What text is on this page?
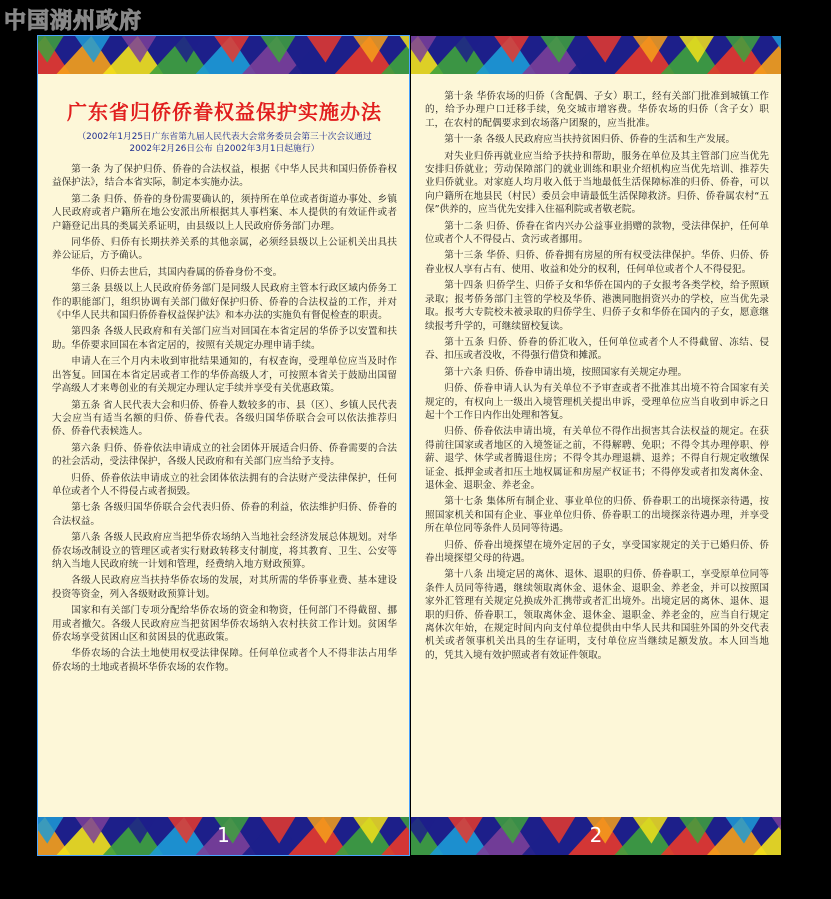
中国湖州政府
广东省归侨侨眷权益保护实施办法
（2002年1月25日广东省第九届人民代表大会常务委员会第三十次会议通过
2002年2月26日公布 自2002年3月1日起施行）

第一条 为了保护归侨、侨眷的合法权益，根据《中华人民共和国归侨侨眷权益保护法》，结合本省实际，制定本实施办法。

第二条 归侨、侨眷的身份需要确认的，须持所在单位或者街道办事处、乡镇人民政府或者户籍所在地公安派出所根据其人事档案、本人提供的有效证件或者户籍登记出具的类属关系证明，由县级以上人民政府侨务部门办理。

同华侨、归侨有长期扶养关系的其他亲属，必须经县级以上公证机关出具扶养公证后，方予确认。

华侨、归侨去世后，其国内眷属的侨眷身份不变。

第三条 县级以上人民政府侨务部门是同级人民政府主管本行政区域内侨务工作的职能部门，组织协调有关部门做好保护归侨、侨眷的合法权益的工作，并对《中华人民共和国归侨侨眷权益保护法》和本办法的实施负有督促检查的职责。

第四条 各级人民政府和有关部门应当对回国在本省定居的华侨予以安置和扶助。华侨要求回国在本省定居的，按照有关规定办理申请手续。

申请人在三个月内未收到审批结果通知的，有权查询，受理单位应当及时作出答复。回国在本省定居或者工作的华侨高级人才，可按照本省关于鼓励出国留学高级人才来粤创业的有关规定办理认定手续并享受有关优惠政策。

第五条 省人民代表大会和归侨、侨眷人数较多的市、县（区）、乡镇人民代表大会应当有适当名额的归侨、侨眷代表。各级归国华侨联合会可以依法推荐归侨、侨眷代表候选人。

第六条 归侨、侨眷依法申请成立的社会团体开展适合归侨、侨眷需要的合法的社会活动，受法律保护，各级人民政府和有关部门应当给予支持。

归侨、侨眷依法申请成立的社会团体依法拥有的合法财产受法律保护，任何单位或者个人不得侵占或者损毁。

第七条 各级归国华侨联合会代表归侨、侨眷的利益，依法维护归侨、侨眷的合法权益。

第八条 各级人民政府应当把华侨农场纳入当地社会经济发展总体规划。对华侨农场改制设立的管理区或者实行财政转移支付制度，将其教育、卫生、公安等纳入当地人民政府统一计划和管理，经费纳入地方财政预算。

各级人民政府应当扶持华侨农场的发展，对其所需的华侨事业费、基本建设投资等资金，列入各级财政预算计划。

国家和有关部门专项分配给华侨农场的资金和物资，任何部门不得截留、挪用或者撤欠。各级人民政府应当把贫困华侨农场纳入农村扶贫工作计划。贫困华侨农场享受贫困山区和贫困县的优惠政策。

华侨农场的合法土地使用权受法律保障。任何单位或者个人不得非法占用华侨农场的土地或者损坏华侨农场的农作物。

1

第十条 华侨农场的归侨（含配偶、子女）职工，经有关部门批准到城镇工作的，给予办理户口迁移手续，免交城市增容费。华侨农场的归侨（含子女）职工，在农村的配偶要求到农场落户团聚的，应当批准。

第十一条 各级人民政府应当扶持贫困归侨、侨眷的生活和生产发展。

对失业归侨再就业应当给予扶持和帮助，服务在单位及其主管部门应当优先安排归侨就业；劳动保障部门的就业训练和职业介绍机构应当优先培训、推荐失业归侨就业。对家庭人均月收入低于当地最低生活保障标准的归侨、侨眷，可以向户籍所在地县民（村民）委员会申请最低生活保障救济。归侨、侨眷属农村“五保”供养的，应当优先安排入住福利院或者敬老院。

第十二条 归侨、侨眷在省内兴办公益事业捐赠的款物，受法律保护，任何单位或者个人不得侵占、贪污或者挪用。

第十三条 华侨、归侨、侨眷拥有房屋的所有权受法律保护。华侨、归侨、侨眷业权人享有占有、使用、收益和处分的权利，任何单位或者个人不得侵犯。

第十四条 归侨学生、归侨子女和华侨在国内的子女报考各类学校，给予照顾录取；报考侨务部门主管的学校及华侨、港澳同胞捐资兴办的学校，应当优先录取。报考大专院校未被录取的归侨学生、归侨子女和华侨在国内的子女，愿意继续报考升学的，可继续留校复读。

第十五条 归侨、侨眷的侨汇收入，任何单位或者个人不得截留、冻结、侵吞、扣压或者没收，不得强行借贷和摊派。

第十六条 归侨、侨眷申请出境，按照国家有关规定办理。

归侨、侨眷申请人认为有关单位不予审查或者不批准其出境不符合国家有关规定的，有权向上一级出入境管理机关提出申诉，受理单位应当自收到申诉之日起十个工作日内作出处理和答复。

归侨、侨眷依法申请出境，有关单位不得作出损害其合法权益的规定。在获得前往国家或者地区的入境签证之前，不得解聘、免职；不得令其办理停职、停薪、退学、休学或者腾退住房；不得令其办理退耕、退养；不得自行规定收缴保证金、抵押金或者扣压土地权属证和房屋产权证书；不得停发或者扣发离休金、退休金、退职金、养老金。

第十七条 集体所有制企业、事业单位的归侨、侨眷职工的出境探亲待遇，按照国家机关和国有企业、事业单位归侨、侨眷职工的出境探亲待遇办理，并享受所在单位同等条件人员同等待遇。

归侨、侨眷出境探望在境外定居的子女，享受国家规定的关于已婚归侨、侨眷出境探望父母的待遇。

第十八条 出境定居的离休、退休、退职的归侨、侨眷职工，享受原单位同等条件人员同等待遇，继续领取离休金、退休金、退职金、养老金，并可以按照国家外汇管理有关规定兑换成外汇携带或者汇出境外。出境定居的离休、退休、退职的归侨、侨眷职工，领取离休金、退休金、退职金、养老金的，应当自行规定离休次年始，在规定时间内向支付单位提供由中华人民共和国驻外国的外交代表机关或者领事机关出具的生存证明，支付单位应当继续足额发放。本人回当地的，凭其入境有效护照或者有效证件领取。

2
